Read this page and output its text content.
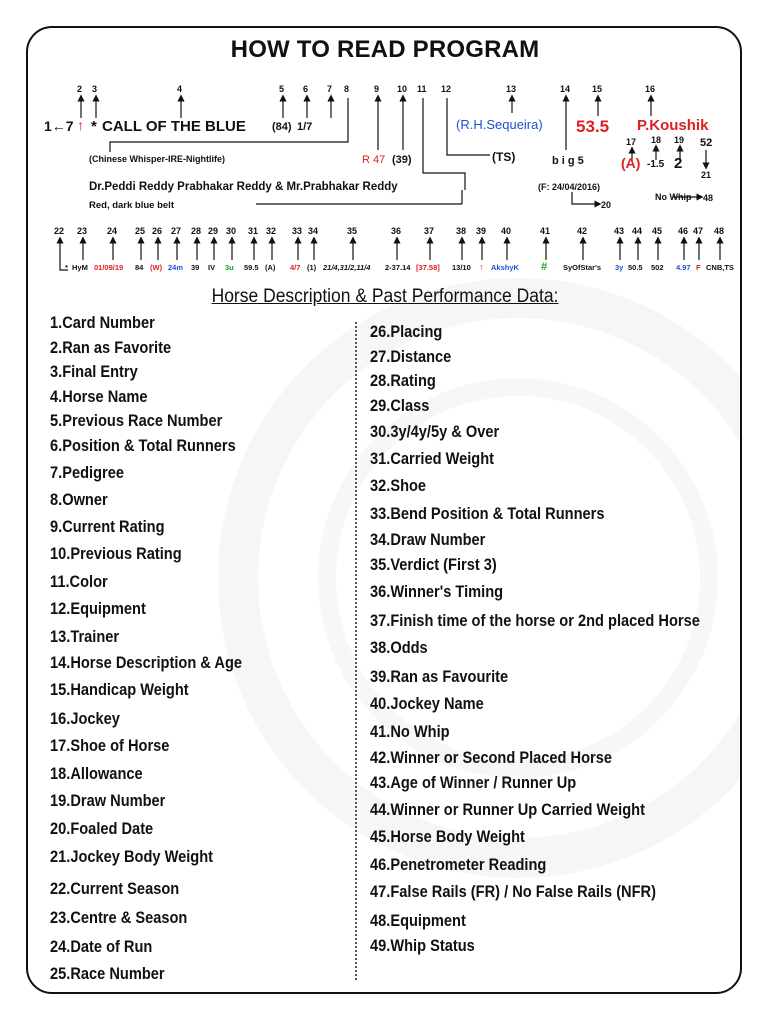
HOW TO READ PROGRAM
2 3	4	5 6 7 8	9 10 11 12	13	14 15	16
17 18 19 52
21
20
48
1←7 ↑ * CALL OF THE BLUE (84) 1/7	(R.H.Sequeira) 53.5 P.Koushik
(Chinese Whisper-IRE-Nightlife)	R 47 (39)	(TS)	b i g 5	(A) -1.5 2
Dr.Peddi Reddy Prabhakar Reddy & Mr.Prabhakar Reddy
Red, dark blue belt
(F: 24/04/2016)
No Whip
22 23 24 25 26 27 28 29 30 31 32 33 34	35	36	37 38 39 40	41	42	43 44 45 46 47 48
* HyM 01/09/19 84 (W) 24m 39 IV 3u 59.5 (A) 4/7 (1) 21/4,31/2,11/4 2-37.14 [37.58] 13/10 ↑ AkshyK # SyOfStar's 3y 50.5 502 4.97 F CNB,TS
Horse Description & Past Performance Data:
1.Card Number
2.Ran as Favorite
3.Final Entry
4.Horse Name
5.Previous Race Number
6.Position & Total Runners
7.Pedigree
8.Owner
9.Current Rating
10.Previous Rating
11.Color
12.Equipment
13.Trainer
14.Horse Description & Age
15.Handicap Weight
16.Jockey
17.Shoe of Horse
18.Allowance
19.Draw Number
20.Foaled Date
21.Jockey Body Weight
22.Current Season
23.Centre & Season
24.Date of Run
25.Race Number
26.Placing
27.Distance
28.Rating
29.Class
30.3y/4y/5y & Over
31.Carried Weight
32.Shoe
33.Bend Position & Total Runners
34.Draw Number
35.Verdict (First 3)
36.Winner's Timing
37.Finish time of the horse or 2nd placed Horse
38.Odds
39.Ran as Favourite
40.Jockey Name
41.No Whip
42.Winner or Second Placed Horse
43.Age of Winner / Runner Up
44.Winner or Runner Up Carried Weight
45.Horse Body Weight
46.Penetrometer Reading
47.False Rails (FR) / No False Rails (NFR)
48.Equipment
49.Whip Status
